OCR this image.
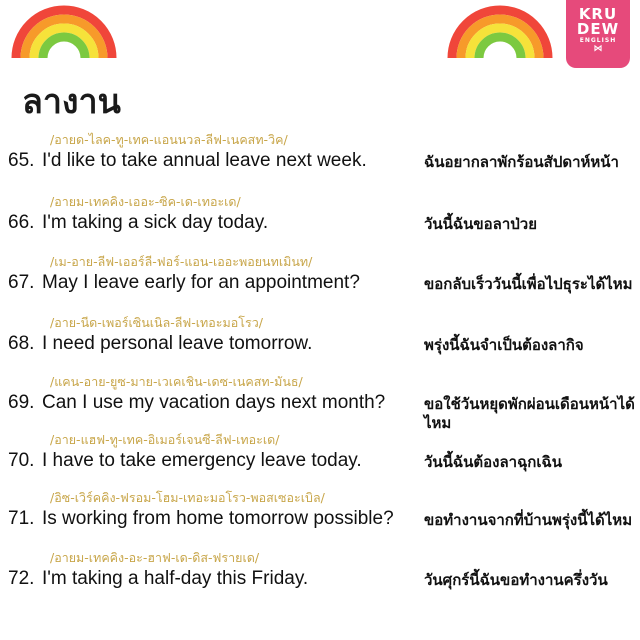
KRU
DEW
ENGLISH
⋈
ลางาน
/อายด-ไลค-ทู-เทค-แอนนวล-ลีฟ-เนคสท-วิค/
65. I'd like to take annual leave next week.	ฉันอยากลาพักร้อนสัปดาห์หน้า
/อายม-เทคคิง-เออะ-ซิค-เด-เทอะเด/
66. I'm taking a sick day today.	วันนี้ฉันขอลาป่วย
/เม-อาย-ลีฟ-เออร์ลี-ฟอร์-แอน-เออะพอยนทเมินท/
67. May I leave early for an appointment?	ขอกลับเร็ววันนี้เพื่อไปธุระได้ไหม
/อาย-นีด-เพอร์เซินเนิล-ลีฟ-เทอะมอโรว/
68. I need personal leave tomorrow.	พรุ่งนี้ฉันจำเป็นต้องลากิจ
/แคน-อาย-ยูซ-มาย-เวเคเชิน-เดซ-เนคสท-มันธ/
69. Can I use my vacation days next month?	ขอใช้วันหยุดพักผ่อนเดือนหน้าได้ไหม
/อาย-แฮฟ-ทู-เทค-อิเมอร์เจนซี-ลีฟ-เทอะเด/
70. I have to take emergency leave today.	วันนี้ฉันต้องลาฉุกเฉิน
/อิซ-เวิร์คคิง-ฟรอม-โฮม-เทอะมอโรว-พอสเซอะเบิล/
71. Is working from home tomorrow possible? ขอทำงานจากที่บ้านพรุ่งนี้ได้ไหม
/อายม-เทคคิง-อะ-ฮาฟ-เด-ดิส-ฟรายเด/
72. I'm taking a half-day this Friday.	วันศุกร์นี้ฉันขอทำงานครึ่งวัน
